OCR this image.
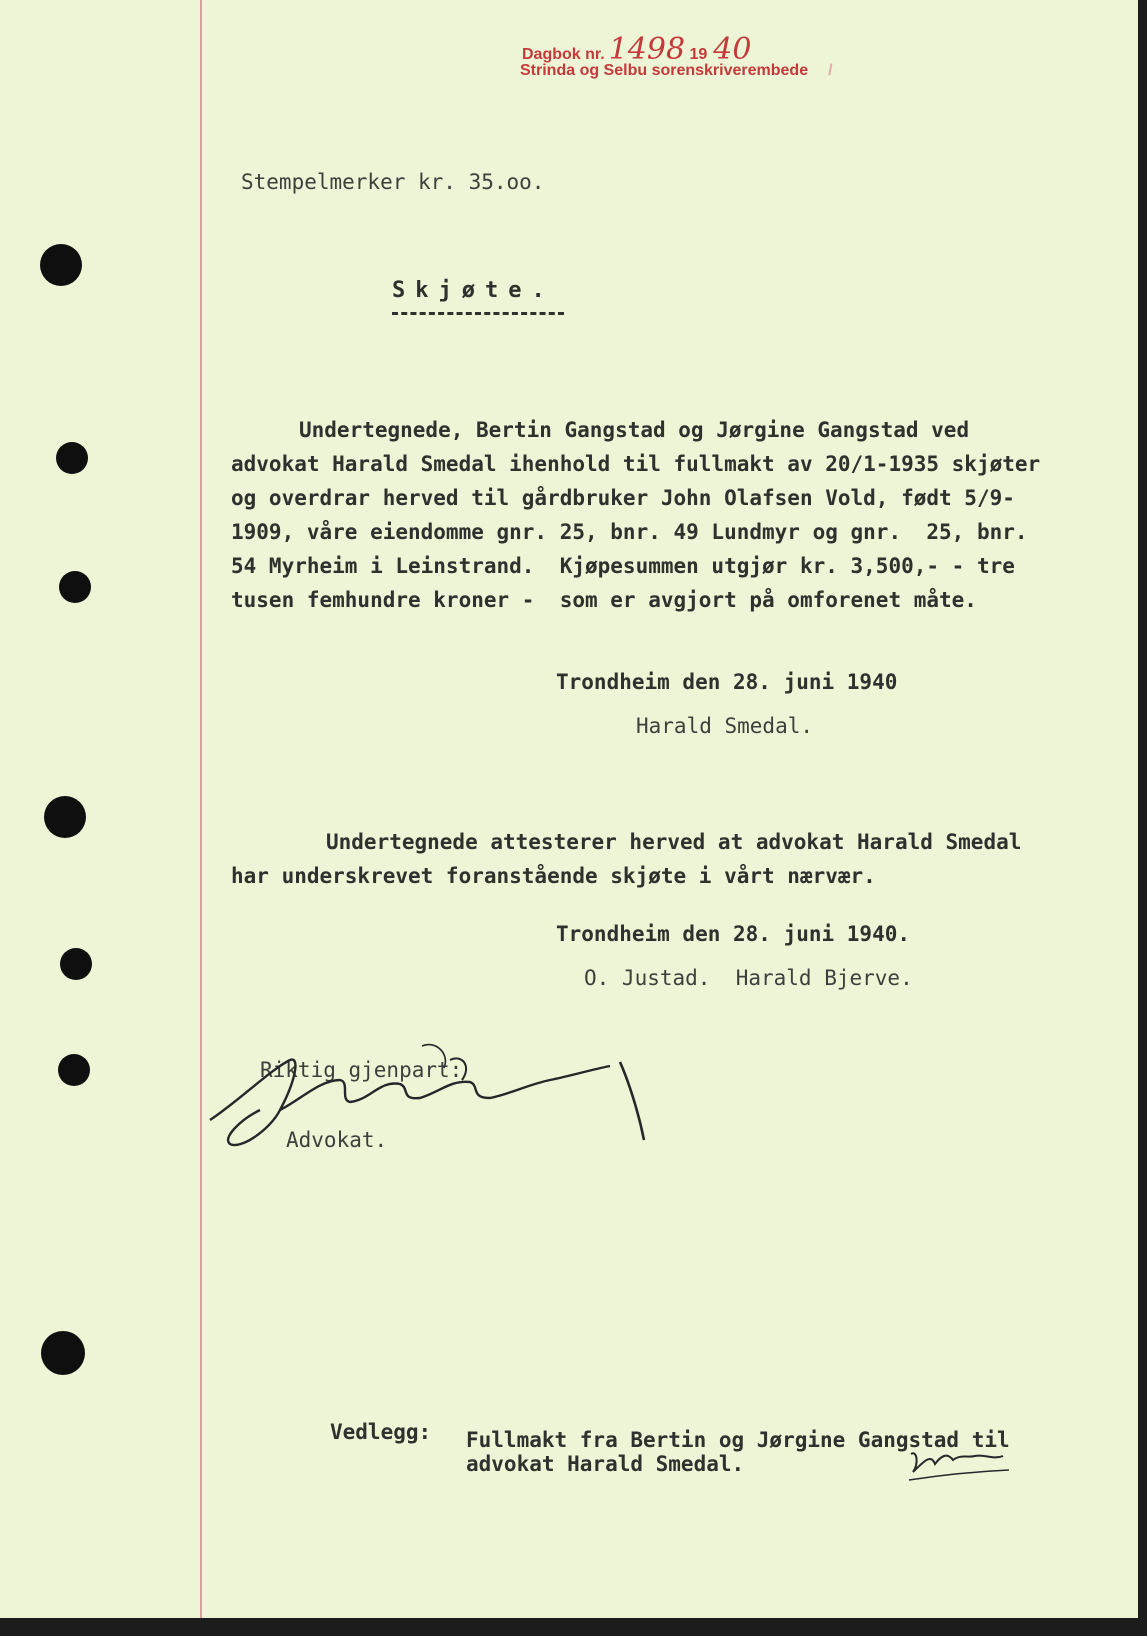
Dagbok nr. 1498 19 40
Strinda og Selbu sorenskriverembede /
Stempelmerker kr. 35.oo.
Skjøte.
Undertegnede, Bertin Gangstad og Jørgine Gangstad ved
advokat Harald Smedal ihenhold til fullmakt av 20/1-1935 skjøter
og overdrar herved til gårdbruker John Olafsen Vold, født 5/9-
1909, våre eiendomme gnr. 25, bnr. 49 Lundmyr og gnr.  25, bnr.
54 Myrheim i Leinstrand.  Kjøpesummen utgjør kr. 3,500,- - tre
tusen femhundre kroner -  som er avgjort på omforenet måte.
Trondheim den 28. juni 1940
Harald Smedal.
Undertegnede attesterer herved at advokat Harald Smedal
har underskrevet foranstående skjøte i vårt nærvær.
Trondheim den 28. juni 1940.
O. Justad.  Harald Bjerve.
Riktig gjenpart:
Advokat.
Vedlegg: Fullmakt fra Bertin og Jørgine Gangstad til
advokat Harald Smedal.
